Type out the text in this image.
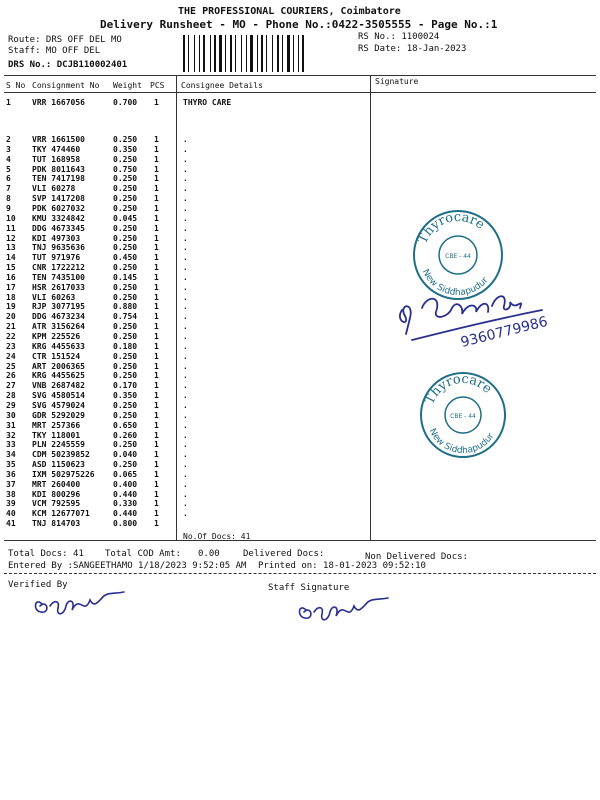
THE PROFESSIONAL COURIERS, Coimbatore
Delivery Runsheet - MO - Phone No.:0422-3505555 - Page No.:1
Route: DRS OFF DEL MO
Staff: MO OFF DEL
DRS No.: DCJB110002401
RS No.: 1100024
RS Date: 18-Jan-2023
S No Consignment No Weight PCS Consignee Details	Signature
1	VRR 1667056	0.700 1	THYRO CARE
2	VRR 1661500	0.250 1	.
3	TKY 474460	0.350 1	.
4	TUT 168958	0.250 1	.
5	PDK 8011643	0.750 1	.
6	TEN 7417198	0.250 1	.
7	VLI 60278	0.250 1	.
8	SVP 1417208	0.250 1	.
9	PDK 6027032	0.250 1	.
10 KMU 3324842	0.045 1	.
11 DDG 4673345	0.250 1	.
12 KDI 497303	0.250 1	.
13 TNJ 9635636	0.250 1	.
14 TUT 971976	0.450 1	.
15 CNR 1722212	0.250 1	.
16 TEN 7435100	0.145 1	.
17 HSR 2617033	0.250 1	.
18 VLI 60263	0.250 1	.
19 RJP 3077195	0.880 1	.
20 DDG 4673234	0.754 1	.
21 ATR 3156264	0.250 1	.
22 KPM 225526	0.250 1	.
23 KRG 4455633	0.180 1	.
24 CTR 151524	0.250 1	.
25 ART 2006365	0.250 1	.
26 KRG 4455625	0.250 1	.
27 VNB 2687482	0.170 1	.
28 SVG 4580514	0.350 1	.
29 SVG 4579024	0.250 1	.
30 GDR 5292029	0.250 1	.
31 MRT 257366	0.650 1	.
32 TKY 118001	0.260 1	.
33 PLN 2245559	0.250 1	.
34 CDM 50239852	0.040 1	.
35 ASD 1150623	0.250 1	.
36 IXM 502975226 0.065 1	.
37 MRT 260400	0.400 1	.
38 KDI 800296	0.440 1	.
39 VCM 792595	0.330 1	.
40 KCM 12677071	0.440 1	.
41 TNJ 814703	0.800 1
No.Of Docs: 41
Total Docs: 41 Total COD Amt: 0.00	Delivered Docs:	Non Delivered Docs:
Entered By :SANGEETHAMO 1/18/2023 9:52:05 AM Printed on: 18-01-2023 09:52:10
Verified By	Staff Signature
Thyrocare
New Siddhapudur
CBE - 44
Thyrocare
New Siddhapudur
CBE - 44
9360779986
